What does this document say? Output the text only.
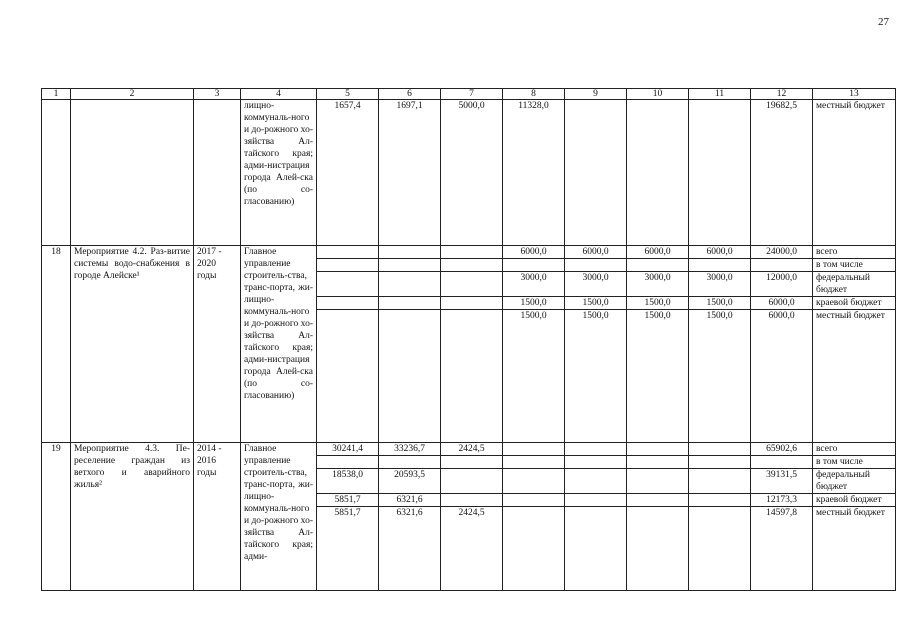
27
1	2	3	4	5	6	7	8	9	10	11	12	13
			лищно-коммуналь-ного и до-рожного хо-зяйства Ал-тайского края; адми-нистрация города Алей-ска (по со-гласованию)	1657,4	1697,1	5000,0	11328,0				19682,5	местный бюджет
18	Мероприятие 4.2. Раз-витие системы водо-снабжения в городе Алейске¹	2017 - 2020 годы	Главное управление строитель-ства, транс-порта, жи-лищно-коммуналь-ного и до-рожного хо-зяйства Ал-тайского края; адми-нистрация города Алей-ска (по со-гласованию)				6000,0	6000,0	6000,0	6000,0	24000,0	всего
												в том числе
							3000,0	3000,0	3000,0	3000,0	12000,0	федеральный бюджет
							1500,0	1500,0	1500,0	1500,0	6000,0	краевой бюджет
							1500,0	1500,0	1500,0	1500,0	6000,0	местный бюджет
19	Мероприятие 4.3. Пе-реселение граждан из ветхого и аварийного жилья²	2014 - 2016 годы	Главное управление строитель-ства, транс-порта, жи-лищно-коммуналь-ного и до-рожного хо-зяйства Ал-тайского края; адми-	30241,4	33236,7	2424,5					65902,6	всего
												в том числе
				18538,0	20593,5						39131,5	федеральный бюджет
				5851,7	6321,6						12173,3	краевой бюджет
				5851,7	6321,6	2424,5					14597,8	местный бюджет
